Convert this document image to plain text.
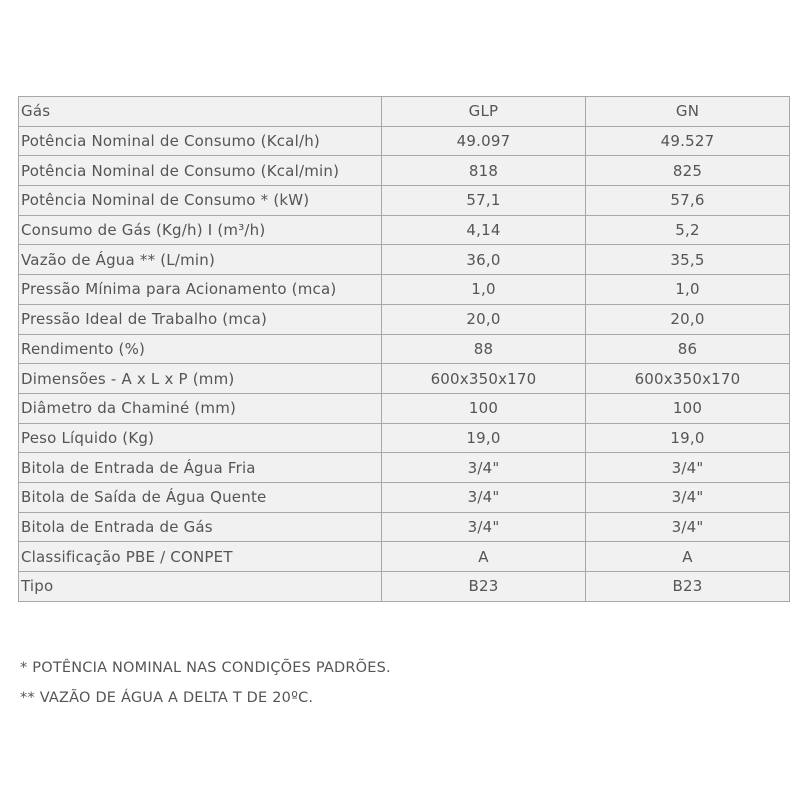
Gás	GLP	GN
Potência Nominal de Consumo (Kcal/h)	49.097	49.527
Potência Nominal de Consumo (Kcal/min)	818	825
Potência Nominal de Consumo * (kW)	57,1	57,6
Consumo de Gás (Kg/h) I (m³/h)	4,14	5,2
Vazão de Água ** (L/min)	36,0	35,5
Pressão Mínima para Acionamento (mca)	1,0	1,0
Pressão Ideal de Trabalho (mca)	20,0	20,0
Rendimento (%)	88	86
Dimensões - A x L x P (mm)	600x350x170	600x350x170
Diâmetro da Chaminé (mm)	100	100
Peso Líquido (Kg)	19,0	19,0
Bitola de Entrada de Água Fria	3/4"	3/4"
Bitola de Saída de Água Quente	3/4"	3/4"
Bitola de Entrada de Gás	3/4"	3/4"
Classificação PBE / CONPET	A	A
Tipo	B23	B23

* POTÊNCIA NOMINAL NAS CONDIÇÕES PADRÕES.

** VAZÃO DE ÁGUA A DELTA T DE 20ºC.
